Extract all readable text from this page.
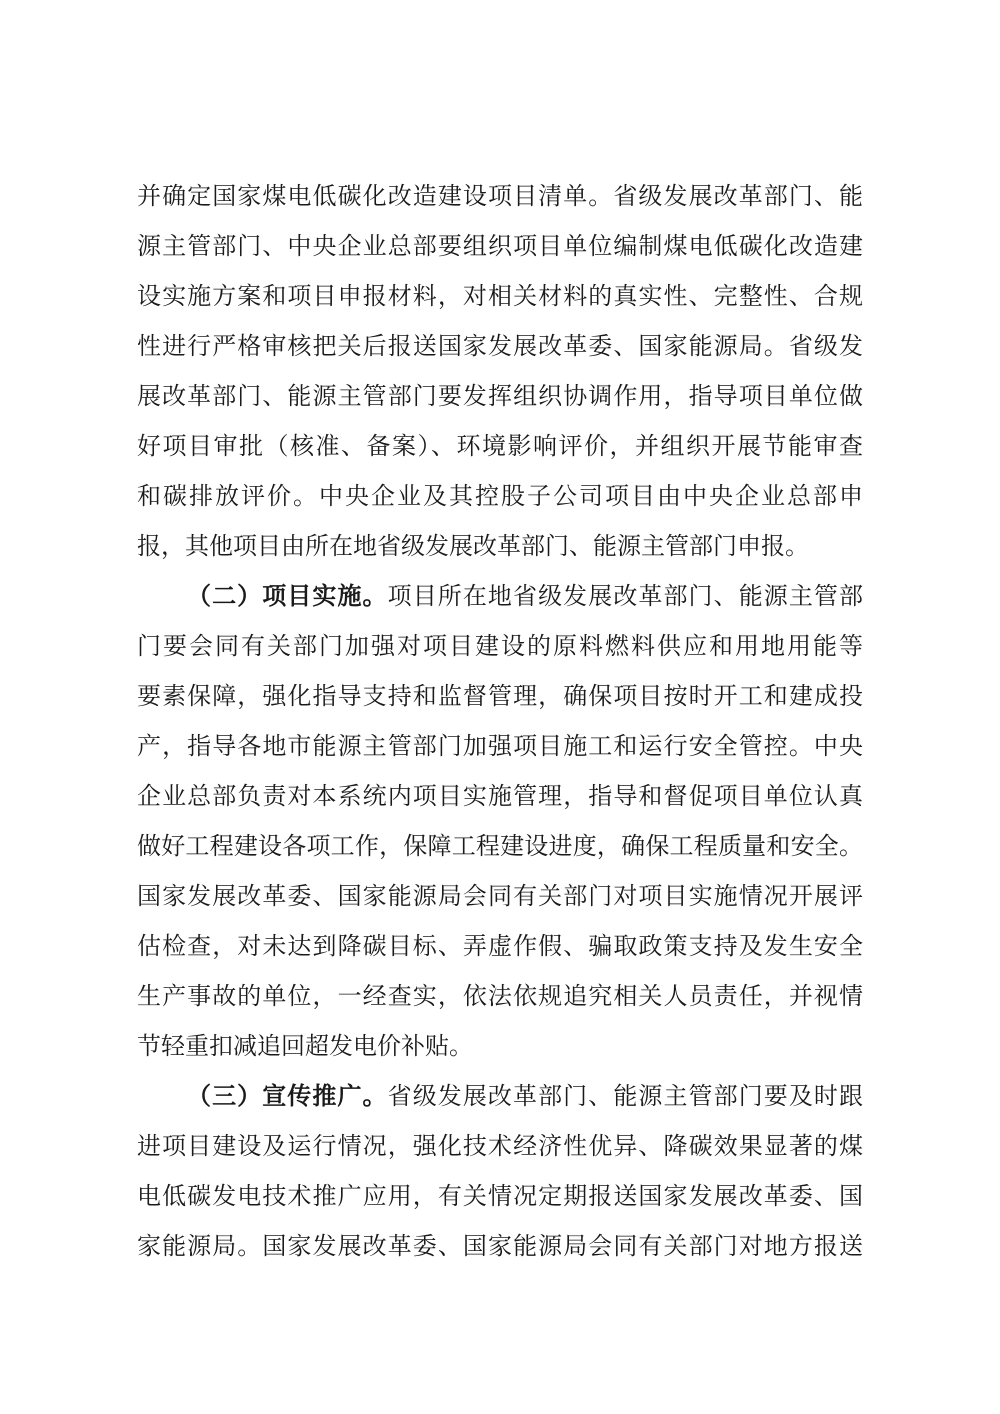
并确定国家煤电低碳化改造建设项目清单。省级发展改革部门、能
源主管部门、中央企业总部要组织项目单位编制煤电低碳化改造建
设实施方案和项目申报材料，对相关材料的真实性、完整性、合规
性进行严格审核把关后报送国家发展改革委、国家能源局。省级发
展改革部门、能源主管部门要发挥组织协调作用，指导项目单位做
好项目审批（核准、备案）、环境影响评价，并组织开展节能审查
和碳排放评价。中央企业及其控股子公司项目由中央企业总部申
报，其他项目由所在地省级发展改革部门、能源主管部门申报。
（二）项目实施。项目所在地省级发展改革部门、能源主管部
门要会同有关部门加强对项目建设的原料燃料供应和用地用能等
要素保障，强化指导支持和监督管理，确保项目按时开工和建成投
产，指导各地市能源主管部门加强项目施工和运行安全管控。中央
企业总部负责对本系统内项目实施管理，指导和督促项目单位认真
做好工程建设各项工作，保障工程建设进度，确保工程质量和安全。
国家发展改革委、国家能源局会同有关部门对项目实施情况开展评
估检查，对未达到降碳目标、弄虚作假、骗取政策支持及发生安全
生产事故的单位，一经查实，依法依规追究相关人员责任，并视情
节轻重扣减追回超发电价补贴。
（三）宣传推广。省级发展改革部门、能源主管部门要及时跟
进项目建设及运行情况，强化技术经济性优异、降碳效果显著的煤
电低碳发电技术推广应用，有关情况定期报送国家发展改革委、国
家能源局。国家发展改革委、国家能源局会同有关部门对地方报送
